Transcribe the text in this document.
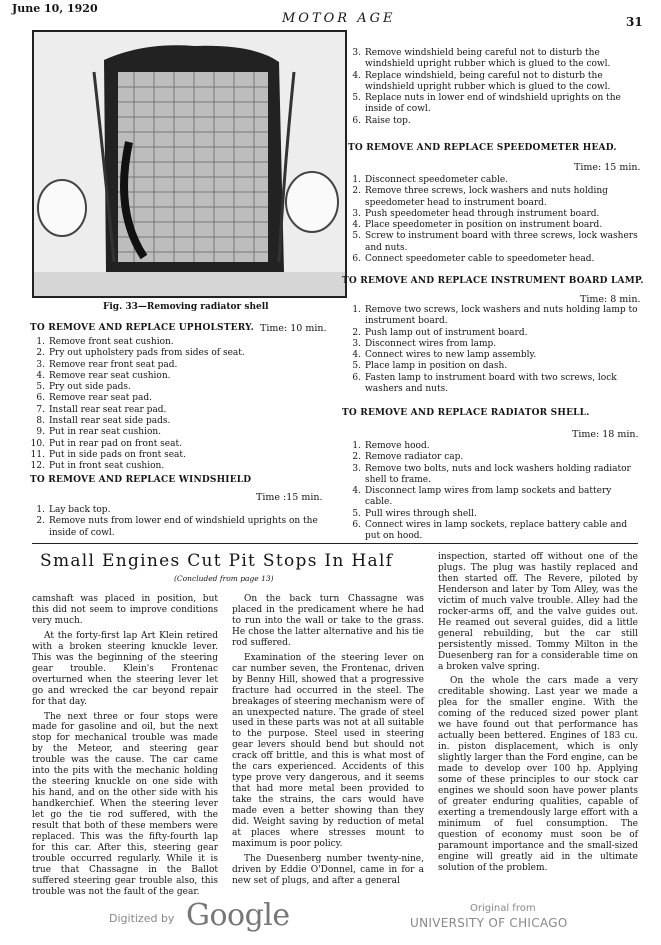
June 10, 1920
MOTOR AGE	31
Fig. 33—Removing radiator shell
TO REMOVE AND REPLACE UPHOLSTERY. Time: 10 min.
1. Remove front seat cushion.
2. Pry out upholstery pads from sides of seat.
3. Remove rear front seat pad.
4. Remove rear seat cushion.
5. Pry out side pads.
6. Remove rear seat pad.
7. Install rear seat rear pad.
8. Install rear seat side pads.
9. Put in rear seat cushion.
10. Put in rear pad on front seat.
11. Put in side pads on front seat.
12. Put in front seat cushion.
TO REMOVE AND REPLACE WINDSHIELD
Time :15 min.
1. Lay back top.
2. Remove nuts from lower end of windshield uprights on the inside of cowl.
3. Remove windshield being careful not to disturb the windshield upright rubber which is glued to the cowl.
4. Replace windshield, being careful not to disturb the windshield upright rubber which is glued to the cowl.
5. Replace nuts in lower end of windshield uprights on the inside of cowl.
6. Raise top.
TO REMOVE AND REPLACE SPEEDOMETER HEAD.
Time: 15 min.
1. Disconnect speedometer cable.
2. Remove three screws, lock washers and nuts holding speedometer head to instrument board.
3. Push speedometer head through instrument board.
4. Place speedometer in position on instrument board.
5. Screw to instrument board with three screws, lock washers and nuts.
6. Connect speedometer cable to speedometer head.
TO REMOVE AND REPLACE INSTRUMENT BOARD LAMP.
Time: 8 min.
1. Remove two screws, lock washers and nuts holding lamp to instrument board.
2. Push lamp out of instrument board.
3. Disconnect wires from lamp.
4. Connect wires to new lamp assembly.
5. Place lamp in position on dash.
6. Fasten lamp to instrument board with two screws, lock washers and nuts.
TO REMOVE AND REPLACE RADIATOR SHELL.
Time: 18 min.
1. Remove hood.
2. Remove radiator cap.
3. Remove two bolts, nuts and lock washers holding radiator shell to frame.
4. Disconnect lamp wires from lamp sockets and battery cable.
5. Pull wires through shell.
6. Connect wires in lamp sockets, replace battery cable and put on hood.
Small Engines Cut Pit Stops In Half
(Concluded from page 13)

camshaft was placed in position, but this did not seem to improve conditions very much.

At the forty-first lap Art Klein retired with a broken steering knuckle lever. This was the beginning of the steering gear trouble. Klein's Frontenac overturned when the steering lever let go and wrecked the car beyond repair for that day.

The next three or four stops were made for gasoline and oil, but the next stop for mechanical trouble was made by the Meteor, and steering gear trouble was the cause. The car came into the pits with the mechanic holding the steering knuckle on one side with his hand, and on the other side with his handkerchief. When the steering lever let go the tie rod suffered, with the result that both of these members were replaced. This was the fifty-fourth lap for this car. After this, steering gear trouble occurred regularly. While it is true that Chassagne in the Ballot suffered steering gear trouble also, this trouble was not the fault of the gear.

On the back turn Chassagne was placed in the predicament where he had to run into the wall or take to the grass. He chose the latter alternative and his tie rod suffered.

Examination of the steering lever on car number seven, the Frontenac, driven by Benny Hill, showed that a progressive fracture had occurred in the steel. The breakages of steering mechanism were of an unexpected nature. The grade of steel used in these parts was not at all suitable to the purpose. Steel used in steering gear levers should bend but should not crack off brittle, and this is what most of the cars experienced. Accidents of this type prove very dangerous, and it seems that had more metal been provided to take the strains, the cars would have made even a better showing than they did. Weight saving by reduction of metal at places where stresses mount to maximum is poor policy.

The Duesenberg number twenty-nine, driven by Eddie O'Donnel, came in for a new set of plugs, and after a general

inspection, started off without one of the plugs. The plug was hastily replaced and then started off. The Revere, piloted by Henderson and later by Tom Alley, was the victim of much valve trouble. Alley had the rocker-arms off, and the valve guides out. He reamed out several guides, did a little general rebuilding, but the car still persistently missed. Tommy Milton in the Duesenberg ran for a considerable time on a broken valve spring.

On the whole the cars made a very creditable showing. Last year we made a plea for the smaller engine. With the coming of the reduced sized power plant we have found out that performance has actually been bettered. Engines of 183 cu. in. piston displacement, which is only slightly larger than the Ford engine, can be made to develop over 100 hp. Applying some of these principles to our stock car engines we should soon have power plants of greater enduring qualities, capable of exerting a tremendously large effort with a minimum of fuel consumption. The question of economy must soon be of paramount importance and the small-sized engine will greatly aid in the ultimate solution of the problem.

Digitized by Google	Original from
UNIVERSITY OF CHICAGO
